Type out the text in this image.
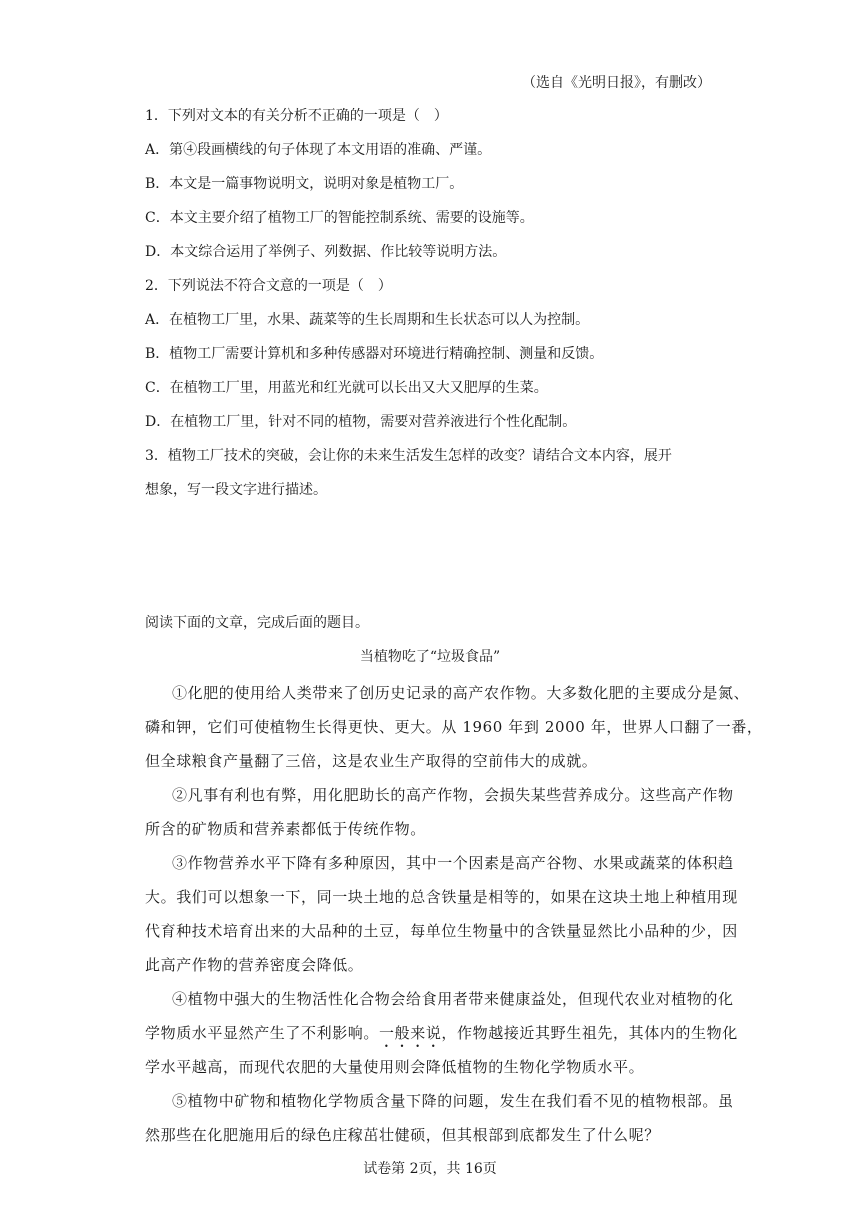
（选自《光明日报》，有删改）
1．下列对文本的有关分析不正确的一项是（　）
A．第④段画横线的句子体现了本文用语的准确、严谨。
B．本文是一篇事物说明文，说明对象是植物工厂。
C．本文主要介绍了植物工厂的智能控制系统、需要的设施等。
D．本文综合运用了举例子、列数据、作比较等说明方法。
2．下列说法不符合文意的一项是（　）
A．在植物工厂里，水果、蔬菜等的生长周期和生长状态可以人为控制。
B．植物工厂需要计算机和多种传感器对环境进行精确控制、测量和反馈。
C．在植物工厂里，用蓝光和红光就可以长出又大又肥厚的生菜。
D．在植物工厂里，针对不同的植物，需要对营养液进行个性化配制。
3．植物工厂技术的突破，会让你的未来生活发生怎样的改变？请结合文本内容，展开
想象，写一段文字进行描述。
阅读下面的文章，完成后面的题目。
当植物吃了“垃圾食品”
①化肥的使用给人类带来了创历史记录的高产农作物。大多数化肥的主要成分是氮、
磷和钾，它们可使植物生长得更快、更大。从 1960 年到 2000 年，世界人口翻了一番，
但全球粮食产量翻了三倍，这是农业生产取得的空前伟大的成就。
②凡事有利也有弊，用化肥助长的高产作物，会损失某些营养成分。这些高产作物
所含的矿物质和营养素都低于传统作物。
③作物营养水平下降有多种原因，其中一个因素是高产谷物、水果或蔬菜的体积趋
大。我们可以想象一下，同一块土地的总含铁量是相等的，如果在这块土地上种植用现
代育种技术培育出来的大品种的土豆，每单位生物量中的含铁量显然比小品种的少，因
此高产作物的营养密度会降低。
④植物中强大的生物活性化合物会给食用者带来健康益处，但现代农业对植物的化
学物质水平显然产生了不利影响。一般来说，作物越接近其野生祖先，其体内的生物化
学水平越高，而现代农肥的大量使用则会降低植物的生物化学物质水平。
⑤植物中矿物和植物化学物质含量下降的问题，发生在我们看不见的植物根部。虽
然那些在化肥施用后的绿色庄稼茁壮健硕，但其根部到底都发生了什么呢？
试卷第 2页，共 16页
